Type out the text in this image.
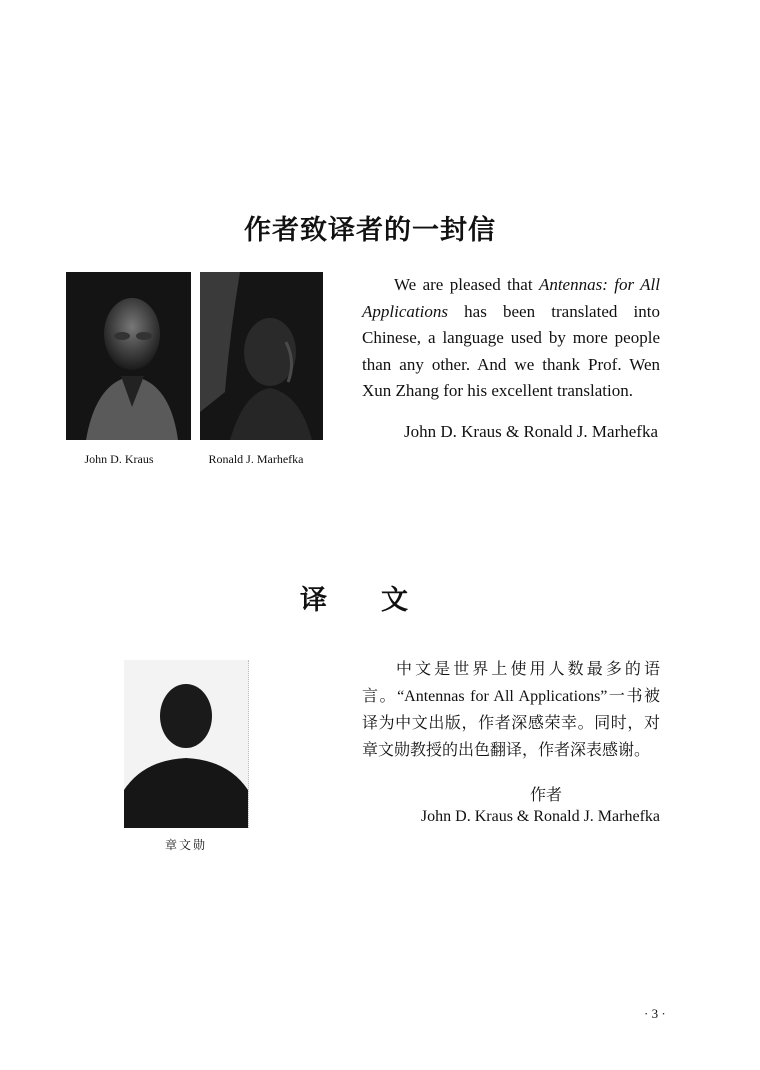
作者致译者的一封信
John D. Kraus	Ronald J. Marhefka

We are pleased that Antennas: for All Applications has been translated into Chinese, a language used by more people than any other. And we thank Prof. Wen Xun Zhang for his excellent translation.

John D. Kraus & Ronald J. Marhefka
译 文
章文勋

中文是世界上使用人数最多的语言。“Antennas for All Applications”一书被译为中文出版，作者深感荣幸。同时，对章文勋教授的出色翻译，作者深表感谢。

作者
John D. Kraus & Ronald J. Marhefka
· 3 ·
